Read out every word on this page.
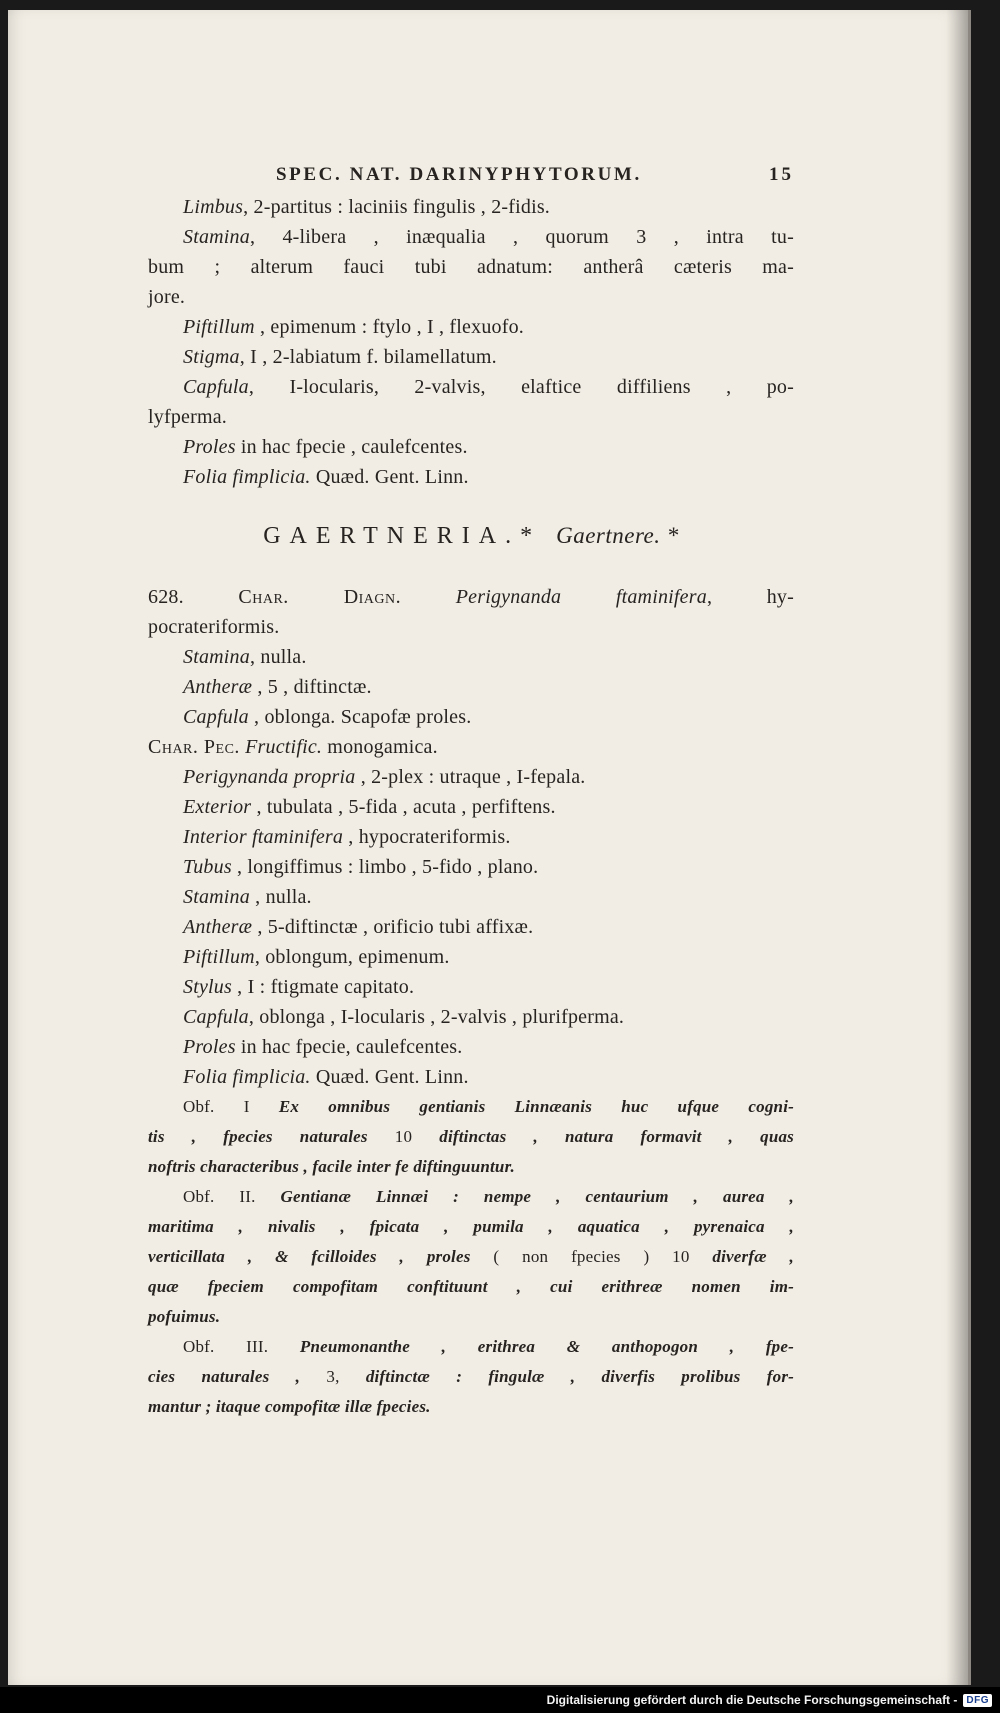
SPEC. NAT. DARINYPHYTORUM.	15
Limbus, 2-partitus : laciniis fingulis , 2-fidis.
Stamina, 4-libera , inæqualia , quorum 3 , intra tu-
bum ; alterum fauci tubi adnatum: antherâ cæteris ma-
jore.
Piftillum , epimenum : ftylo , I , flexuofo.
Stigma, I , 2-labiatum f. bilamellatum.
Capfula, I-locularis, 2-valvis, elaftice diffiliens , po-
lyfperma.
Proles in hac fpecie , caulefcentes.
Folia fimplicia. Quæd. Gent. Linn.
GAERTNERIA.* Gaertnere. *
628. Char. Diagn.	Perigynanda ftaminifera, hy-
pocrateriformis.
Stamina, nulla.
Antheræ , 5 , diftinctæ.
Capfula , oblonga. Scapofæ proles.
Char. Pec. Fructific. monogamica.
Perigynanda propria , 2-plex : utraque , I-fepala.
Exterior , tubulata , 5-fida , acuta , perfiftens.
Interior ftaminifera , hypocrateriformis.
Tubus , longiffimus : limbo , 5-fido , plano.
Stamina , nulla.
Antheræ , 5-diftinctæ , orificio tubi affixæ.
Piftillum, oblongum, epimenum.
Stylus , I : ftigmate capitato.
Capfula, oblonga , I-locularis , 2-valvis , plurifperma.
Proles in hac fpecie, caulefcentes.
Folia fimplicia. Quæd. Gent. Linn.
Obf. I Ex omnibus gentianis Linnæanis huc ufque cogni-
tis , fpecies naturales 10 diftinctas , natura formavit , quas
noftris characteribus , facile inter fe diftinguuntur.
Obf. II. Gentianæ Linnæi : nempe , centaurium , aurea ,
maritima , nivalis , fpicata , pumila , aquatica , pyrenaica ,
verticillata , & fcilloides , proles ( non fpecies ) 10 diverfæ ,
quæ fpeciem compofitam conftituunt , cui erithreæ nomen im-
pofuimus.
Obf. III. Pneumonanthe , erithrea & anthopogon , fpe-
cies naturales , 3, diftinctæ : fingulæ , diverfis prolibus for-
mantur ; itaque compofitæ illæ fpecies.
Digitalisierung gefördert durch die Deutsche Forschungsgemeinschaft - DFG
